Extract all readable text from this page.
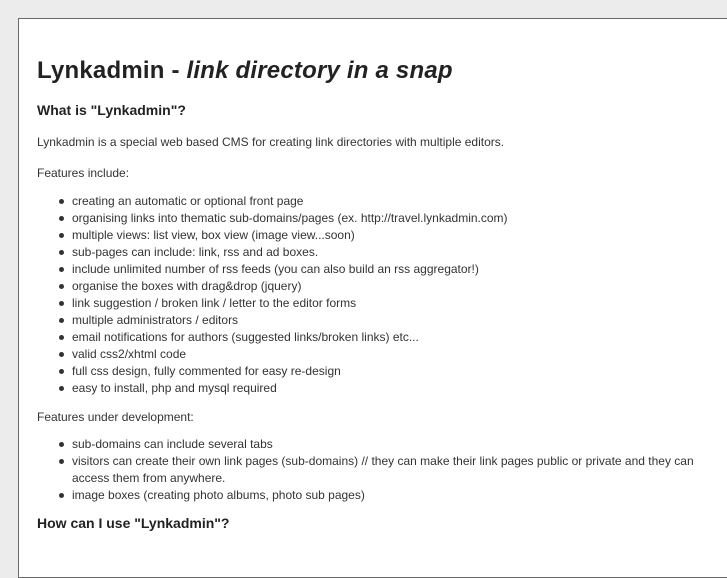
Lynkadmin - link directory in a snap
What is "Lynkadmin"?

Lynkadmin is a special web based CMS for creating link directories with multiple editors.

Features include:

creating an automatic or optional front page
organising links into thematic sub-domains/pages (ex. http://travel.lynkadmin.com)
multiple views: list view, box view (image view...soon)
sub-pages can include: link, rss and ad boxes.
include unlimited number of rss feeds (you can also build an rss aggregator!)
organise the boxes with drag&drop (jquery)
link suggestion / broken link / letter to the editor forms
multiple administrators / editors
email notifications for authors (suggested links/broken links) etc...
valid css2/xhtml code
full css design, fully commented for easy re-design
easy to install, php and mysql required

Features under development:

sub-domains can include several tabs
visitors can create their own link pages (sub-domains) // they can make their link pages public or private and they can access them from anywhere.
image boxes (creating photo albums, photo sub pages)
How can I use "Lynkadmin"?
